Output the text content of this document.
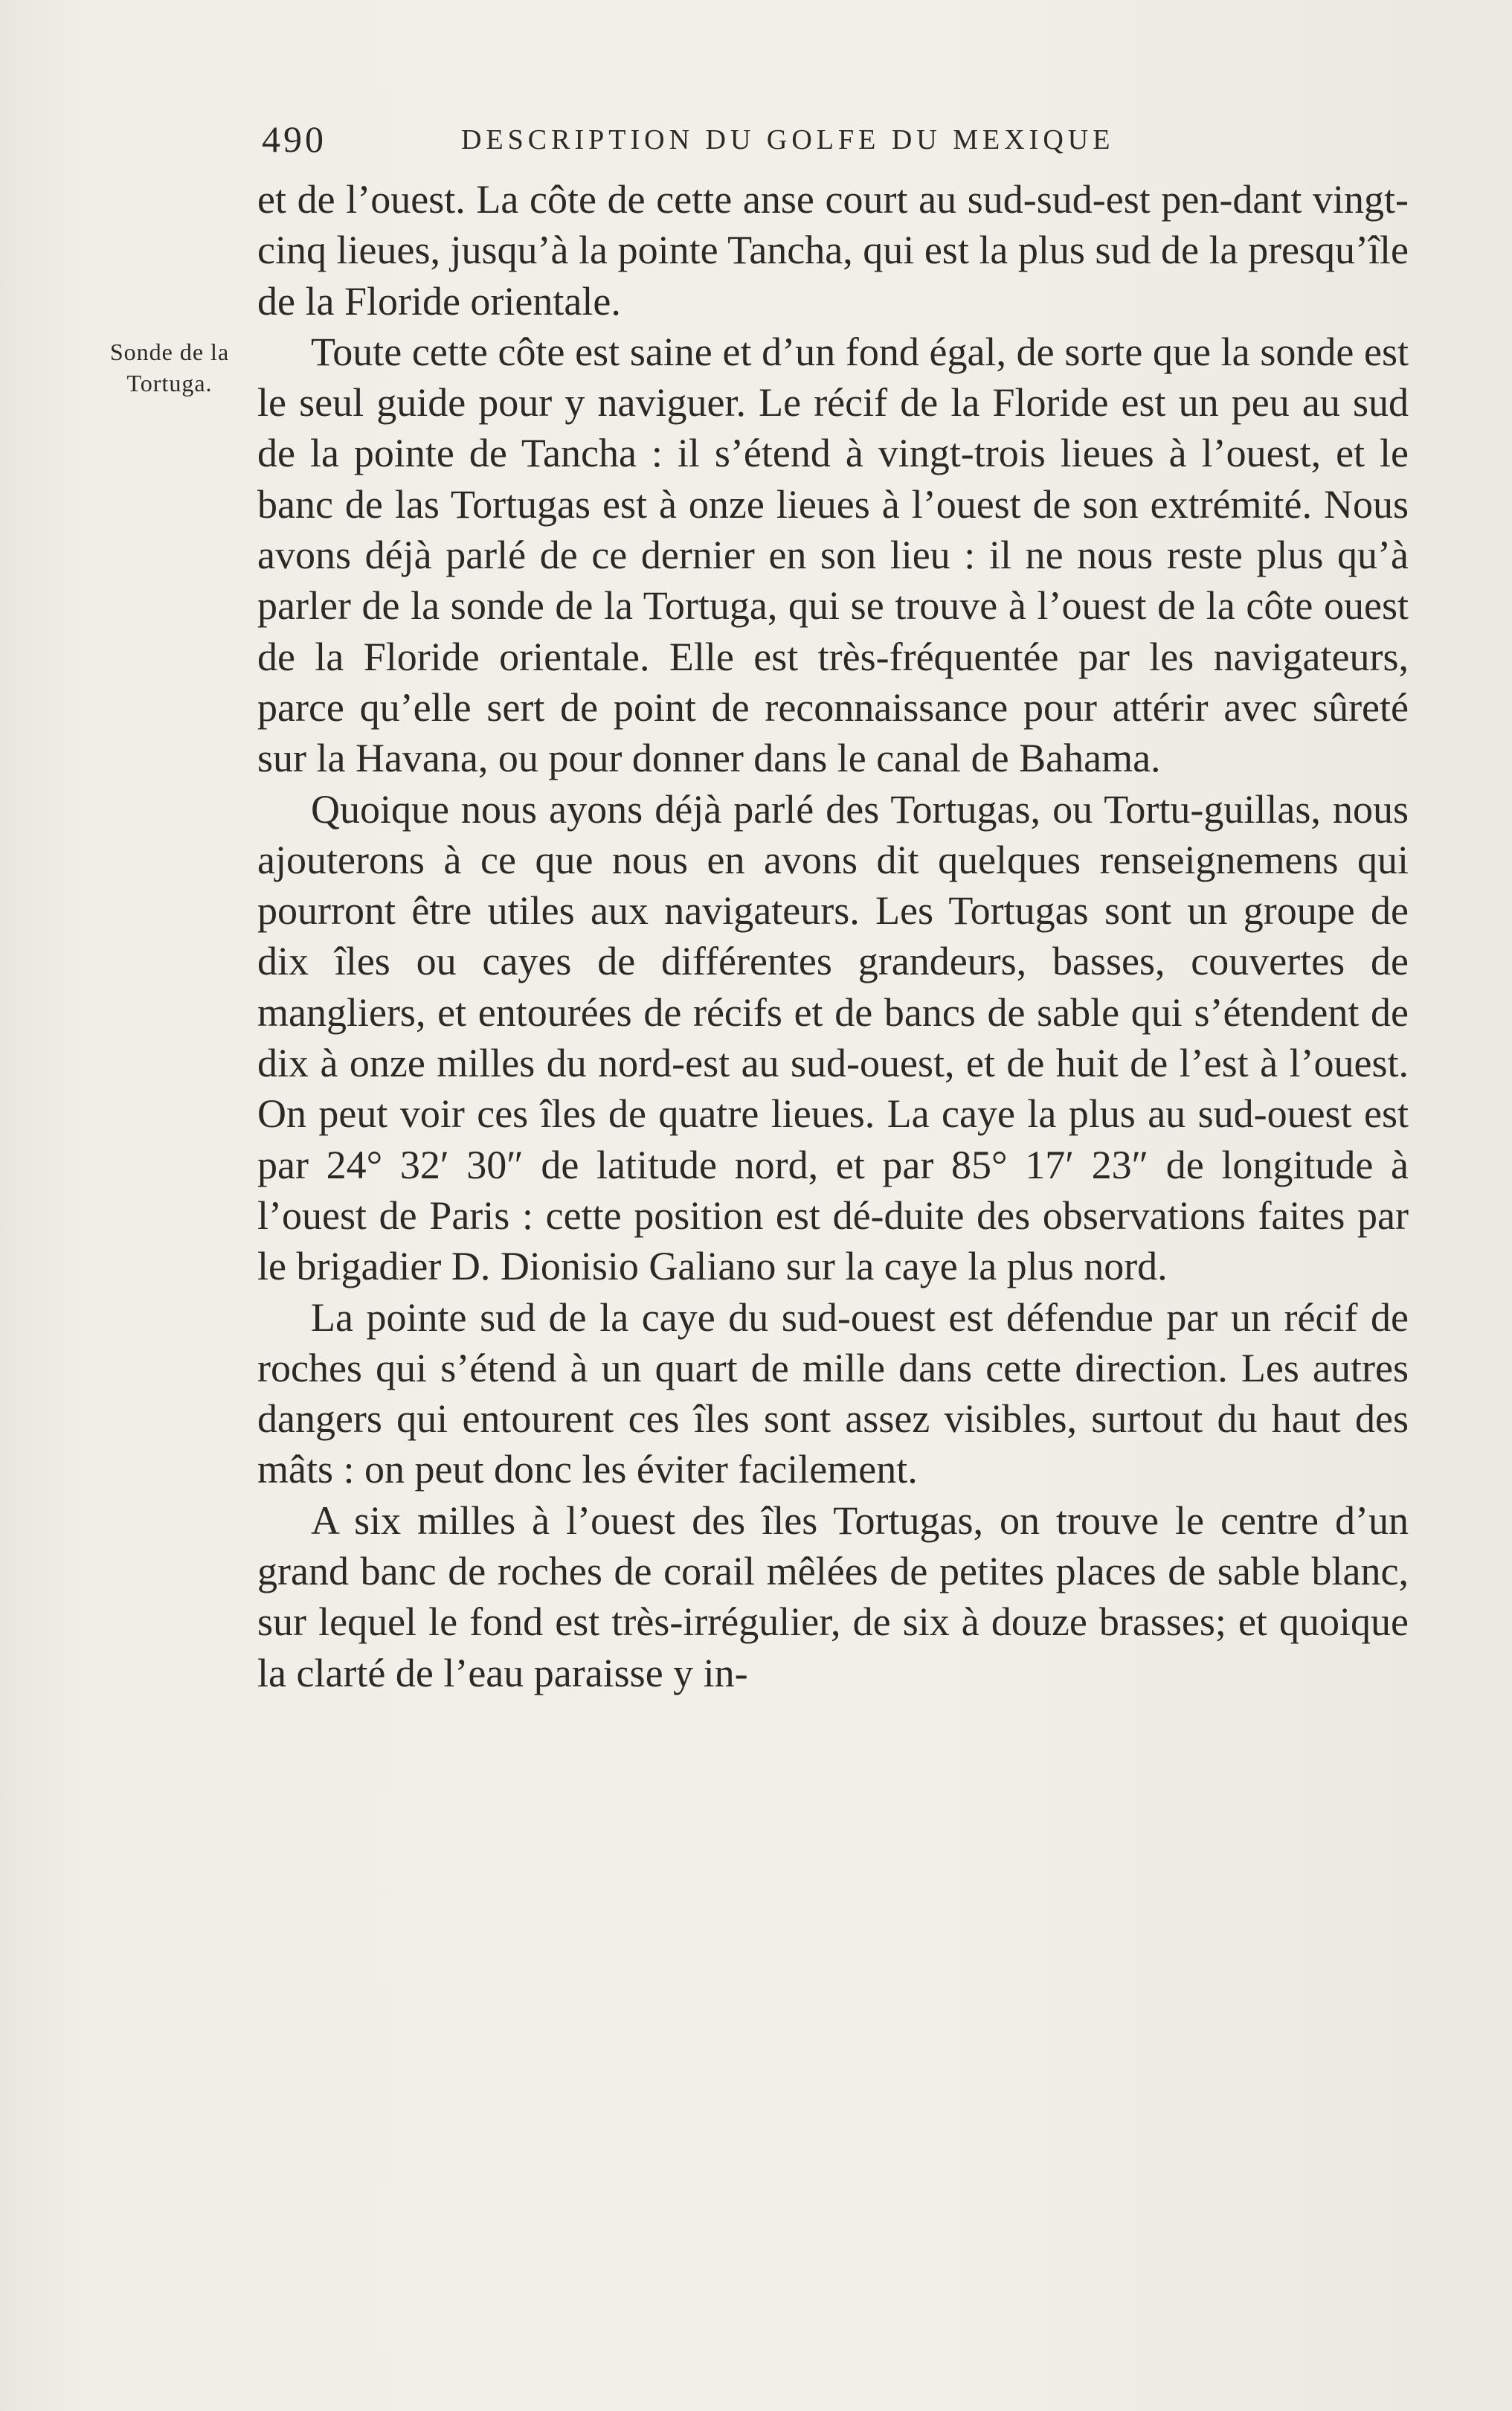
490	DESCRIPTION DU GOLFE DU MEXIQUE
Sonde de la
Tortuga.

et de l’ouest. La côte de cette anse court au sud-sud-est pen-dant vingt-cinq lieues, jusqu’à la pointe Tancha, qui est la plus sud de la presqu’île de la Floride orientale.

Toute cette côte est saine et d’un fond égal, de sorte que la sonde est le seul guide pour y naviguer. Le récif de la Floride est un peu au sud de la pointe de Tancha : il s’étend à vingt-trois lieues à l’ouest, et le banc de las Tortugas est à onze lieues à l’ouest de son extrémité. Nous avons déjà parlé de ce dernier en son lieu : il ne nous reste plus qu’à parler de la sonde de la Tortuga, qui se trouve à l’ouest de la côte ouest de la Floride orientale. Elle est très-fréquentée par les navigateurs, parce qu’elle sert de point de reconnaissance pour attérir avec sûreté sur la Havana, ou pour donner dans le canal de Bahama.

Quoique nous ayons déjà parlé des Tortugas, ou Tortu-guillas, nous ajouterons à ce que nous en avons dit quelques renseignemens qui pourront être utiles aux navigateurs. Les Tortugas sont un groupe de dix îles ou cayes de différentes grandeurs, basses, couvertes de mangliers, et entourées de récifs et de bancs de sable qui s’étendent de dix à onze milles du nord-est au sud-ouest, et de huit de l’est à l’ouest. On peut voir ces îles de quatre lieues. La caye la plus au sud-ouest est par 24° 32′ 30″ de latitude nord, et par 85° 17′ 23″ de longitude à l’ouest de Paris : cette position est dé-duite des observations faites par le brigadier D. Dionisio Galiano sur la caye la plus nord.

La pointe sud de la caye du sud-ouest est défendue par un récif de roches qui s’étend à un quart de mille dans cette direction. Les autres dangers qui entourent ces îles sont assez visibles, surtout du haut des mâts : on peut donc les éviter facilement.

A six milles à l’ouest des îles Tortugas, on trouve le centre d’un grand banc de roches de corail mêlées de petites places de sable blanc, sur lequel le fond est très-irrégulier, de six à douze brasses; et quoique la clarté de l’eau paraisse y in-
